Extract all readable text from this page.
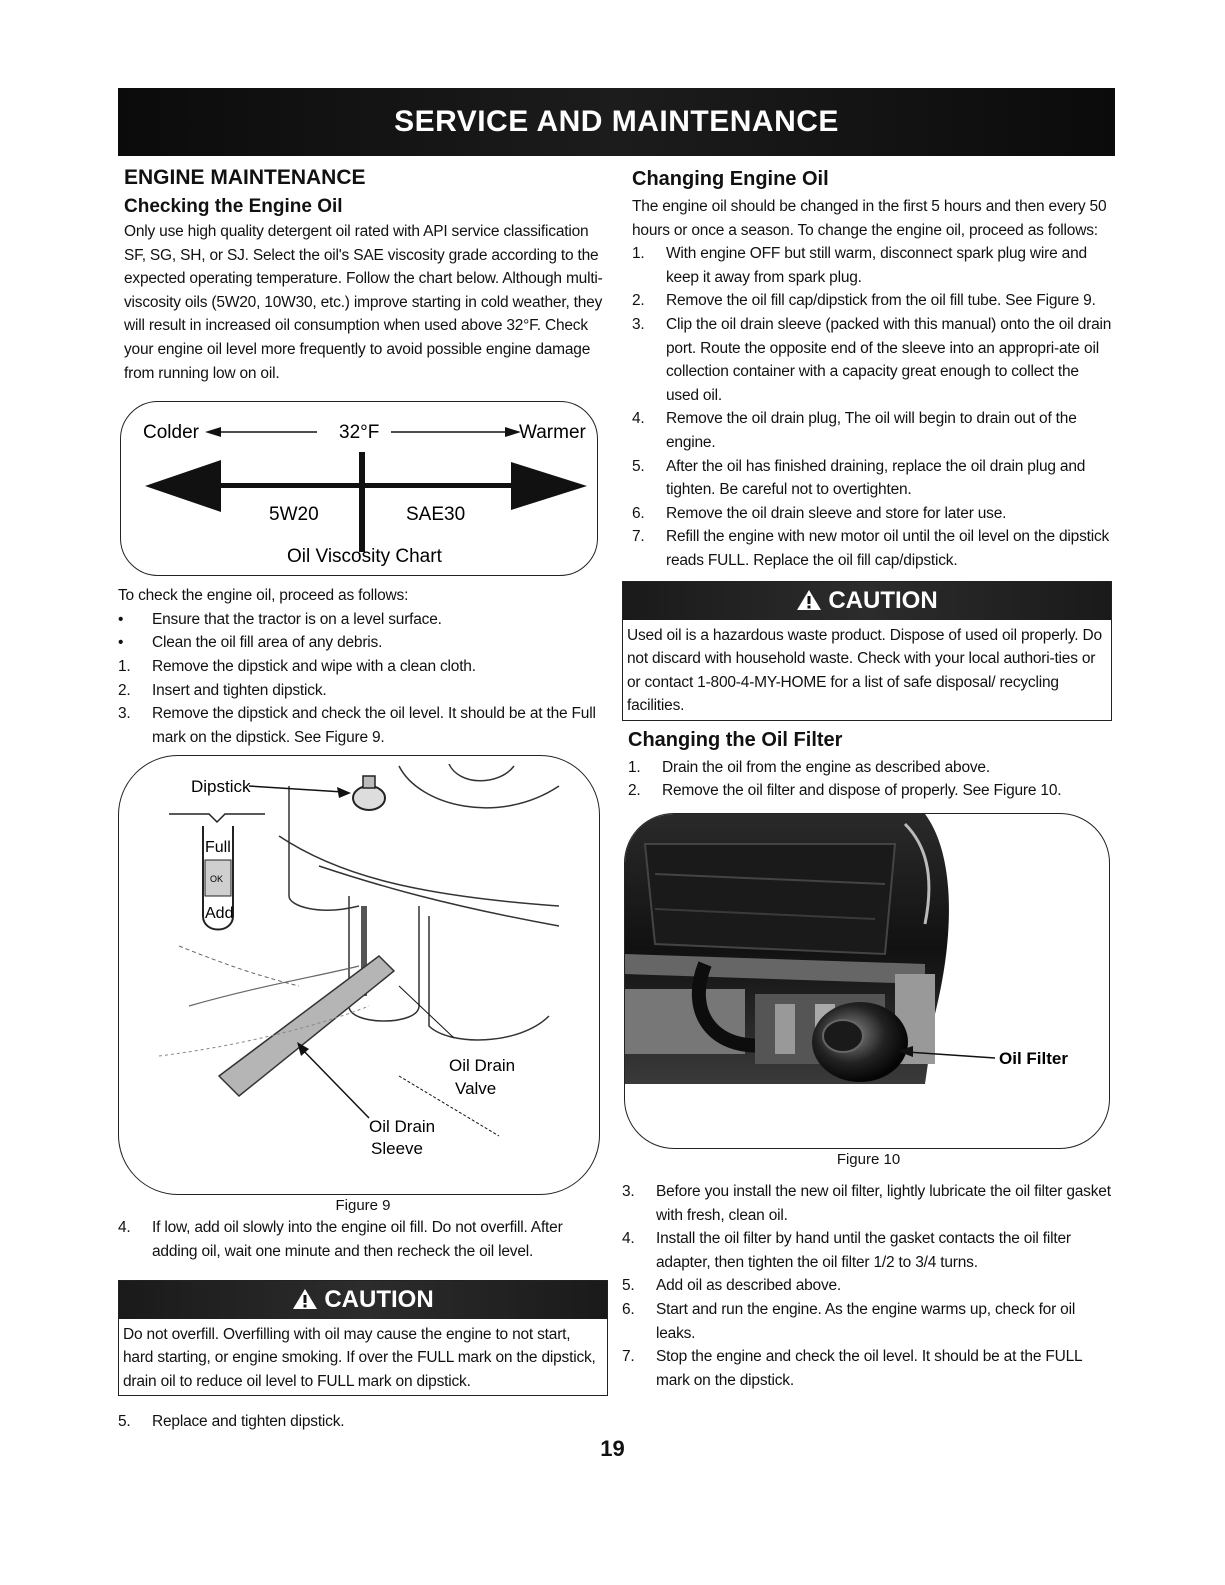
SERVICE AND MAINTENANCE
ENGINE MAINTENANCE
Checking the Engine Oil

Only use high quality detergent oil rated with API service classification SF, SG, SH, or SJ. Select the oil's SAE viscosity grade according to the expected operating temperature. Follow the chart below. Although multi-viscosity oils (5W20, 10W30, etc.) improve starting in cold weather, they will result in increased oil consumption when used above 32°F. Check your engine oil level more frequently to avoid possible engine damage from running low on oil.

Colder	32°F	Warmer
5W20	SAE30
Oil Viscosity Chart

To check the engine oil, proceed as follows:

•	Ensure that the tractor is on a level surface.
•	Clean the oil fill area of any debris.
1.	Remove the dipstick and wipe with a clean cloth.
2.	Insert and tighten dipstick.
3.	Remove the dipstick and check the oil level. It should be at the Full mark on the dipstick. See Figure 9.
Dipstick
Full
OK
Add
Oil Drain
Valve
Oil Drain
Sleeve
Figure 9
4.	If low, add oil slowly into the engine oil fill. Do not overfill. After adding oil, wait one minute and then recheck the oil level.
CAUTION
Do not overfill. Overfilling with oil may cause the engine to not start, hard starting, or engine smoking. If over the FULL mark on the dipstick, drain oil to reduce oil level to FULL mark on dipstick.
5.	Replace and tighten dipstick.
Changing Engine Oil

The engine oil should be changed in the first 5 hours and then every 50 hours or once a season. To change the engine oil, proceed as follows:

1.	With engine OFF but still warm, disconnect spark plug wire and keep it away from spark plug.
2.	Remove the oil fill cap/dipstick from the oil fill tube. See Figure 9.
3.	Clip the oil drain sleeve (packed with this manual) onto the oil drain port. Route the opposite end of the sleeve into an appropri-ate oil collection container with a capacity great enough to collect the used oil.
4.	Remove the oil drain plug, The oil will begin to drain out of the engine.
5.	After the oil has finished draining, replace the oil drain plug and tighten. Be careful not to overtighten.
6.	Remove the oil drain sleeve and store for later use.
7.	Refill the engine with new motor oil until the oil level on the dipstick reads FULL. Replace the oil fill cap/dipstick.
CAUTION
Used oil is a hazardous waste product. Dispose of used oil properly. Do not discard with household waste. Check with your local authori-ties or or contact 1-800-4-MY-HOME for a list of safe disposal/ recycling facilities.
Changing the Oil Filter
1.	Drain the oil from the engine as described above.
2.	Remove the oil filter and dispose of properly. See Figure 10.
Oil Filter
Figure 10
3.	Before you install the new oil filter, lightly lubricate the oil filter gasket with fresh, clean oil.
4.	Install the oil filter by hand until the gasket contacts the oil filter adapter, then tighten the oil filter 1/2 to 3/4 turns.
5.	Add oil as described above.
6.	Start and run the engine. As the engine warms up, check for oil leaks.
7.	Stop the engine and check the oil level. It should be at the FULL mark on the dipstick.
19
